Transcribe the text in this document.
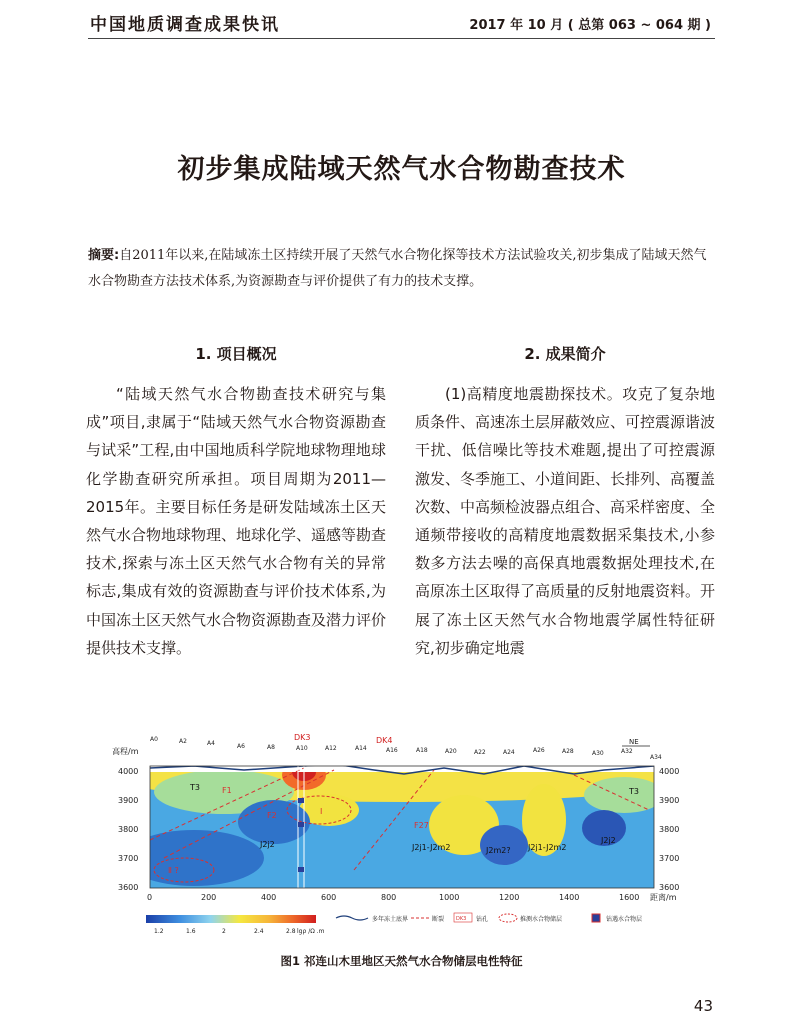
中国地质调查成果快讯	2017 年 10 月 ( 总第 063 ~ 064 期 )
初步集成陆域天然气水合物勘查技术
摘要:自2011年以来,在陆域冻土区持续开展了天然气水合物化探等技术方法试验攻关,初步集成了陆域天然气水合物勘查方法技术体系,为资源勘查与评价提供了有力的技术支撑。
1. 项目概况

“陆域天然气水合物勘查技术研究与集成”项目,隶属于“陆域天然气水合物资源勘查与试采”工程,由中国地质科学院地球物理地球化学勘查研究所承担。项目周期为2011—2015年。主要目标任务是研发陆域冻土区天然气水合物地球物理、地球化学、遥感等勘查技术,探索与冻土区天然气水合物有关的异常标志,集成有效的资源勘查与评价技术体系,为中国冻土区天然气水合物资源勘查及潜力评价提供技术支撑。

2. 成果简介

(1)高精度地震勘探技术。攻克了复杂地质条件、高速冻土层屏蔽效应、可控震源谐波干扰、低信噪比等技术难题,提出了可控震源激发、冬季施工、小道间距、长排列、高覆盖次数、中高频检波器点组合、高采样密度、全通频带接收的高精度地震数据采集技术,小参数多方法去噪的高保真地震数据处理技术,在高原冻土区取得了高质量的反射地震资料。开展了冻土区天然气水合物地震学属性特征研究,初步确定地震

A0	A2	A4	A6	A8	A10	A12	A14	A16	A18	A20	A22	A24	A26	A28	A30	A32
A34
DK3	DK4	NE
高程/m
4000
3900
3800
3700
3600
4000
3900
3800
3700
3600
0	200	400	600	800	1000	1200	1400	1600 距离/m
T3	T3
F1
F2
F27
Ⅰ
Ⅱ ?
J2j2	J2j1-J2m2	J2m2? J2j1-J2m2
J2j2
1.2	1.6	2	2.4	2.8 lgρ /Ω .m
多年冻土底界	断裂 DK3 钻孔	推测水合物储层	钻遇水合物层
图1 祁连山木里地区天然气水合物储层电性特征
43
